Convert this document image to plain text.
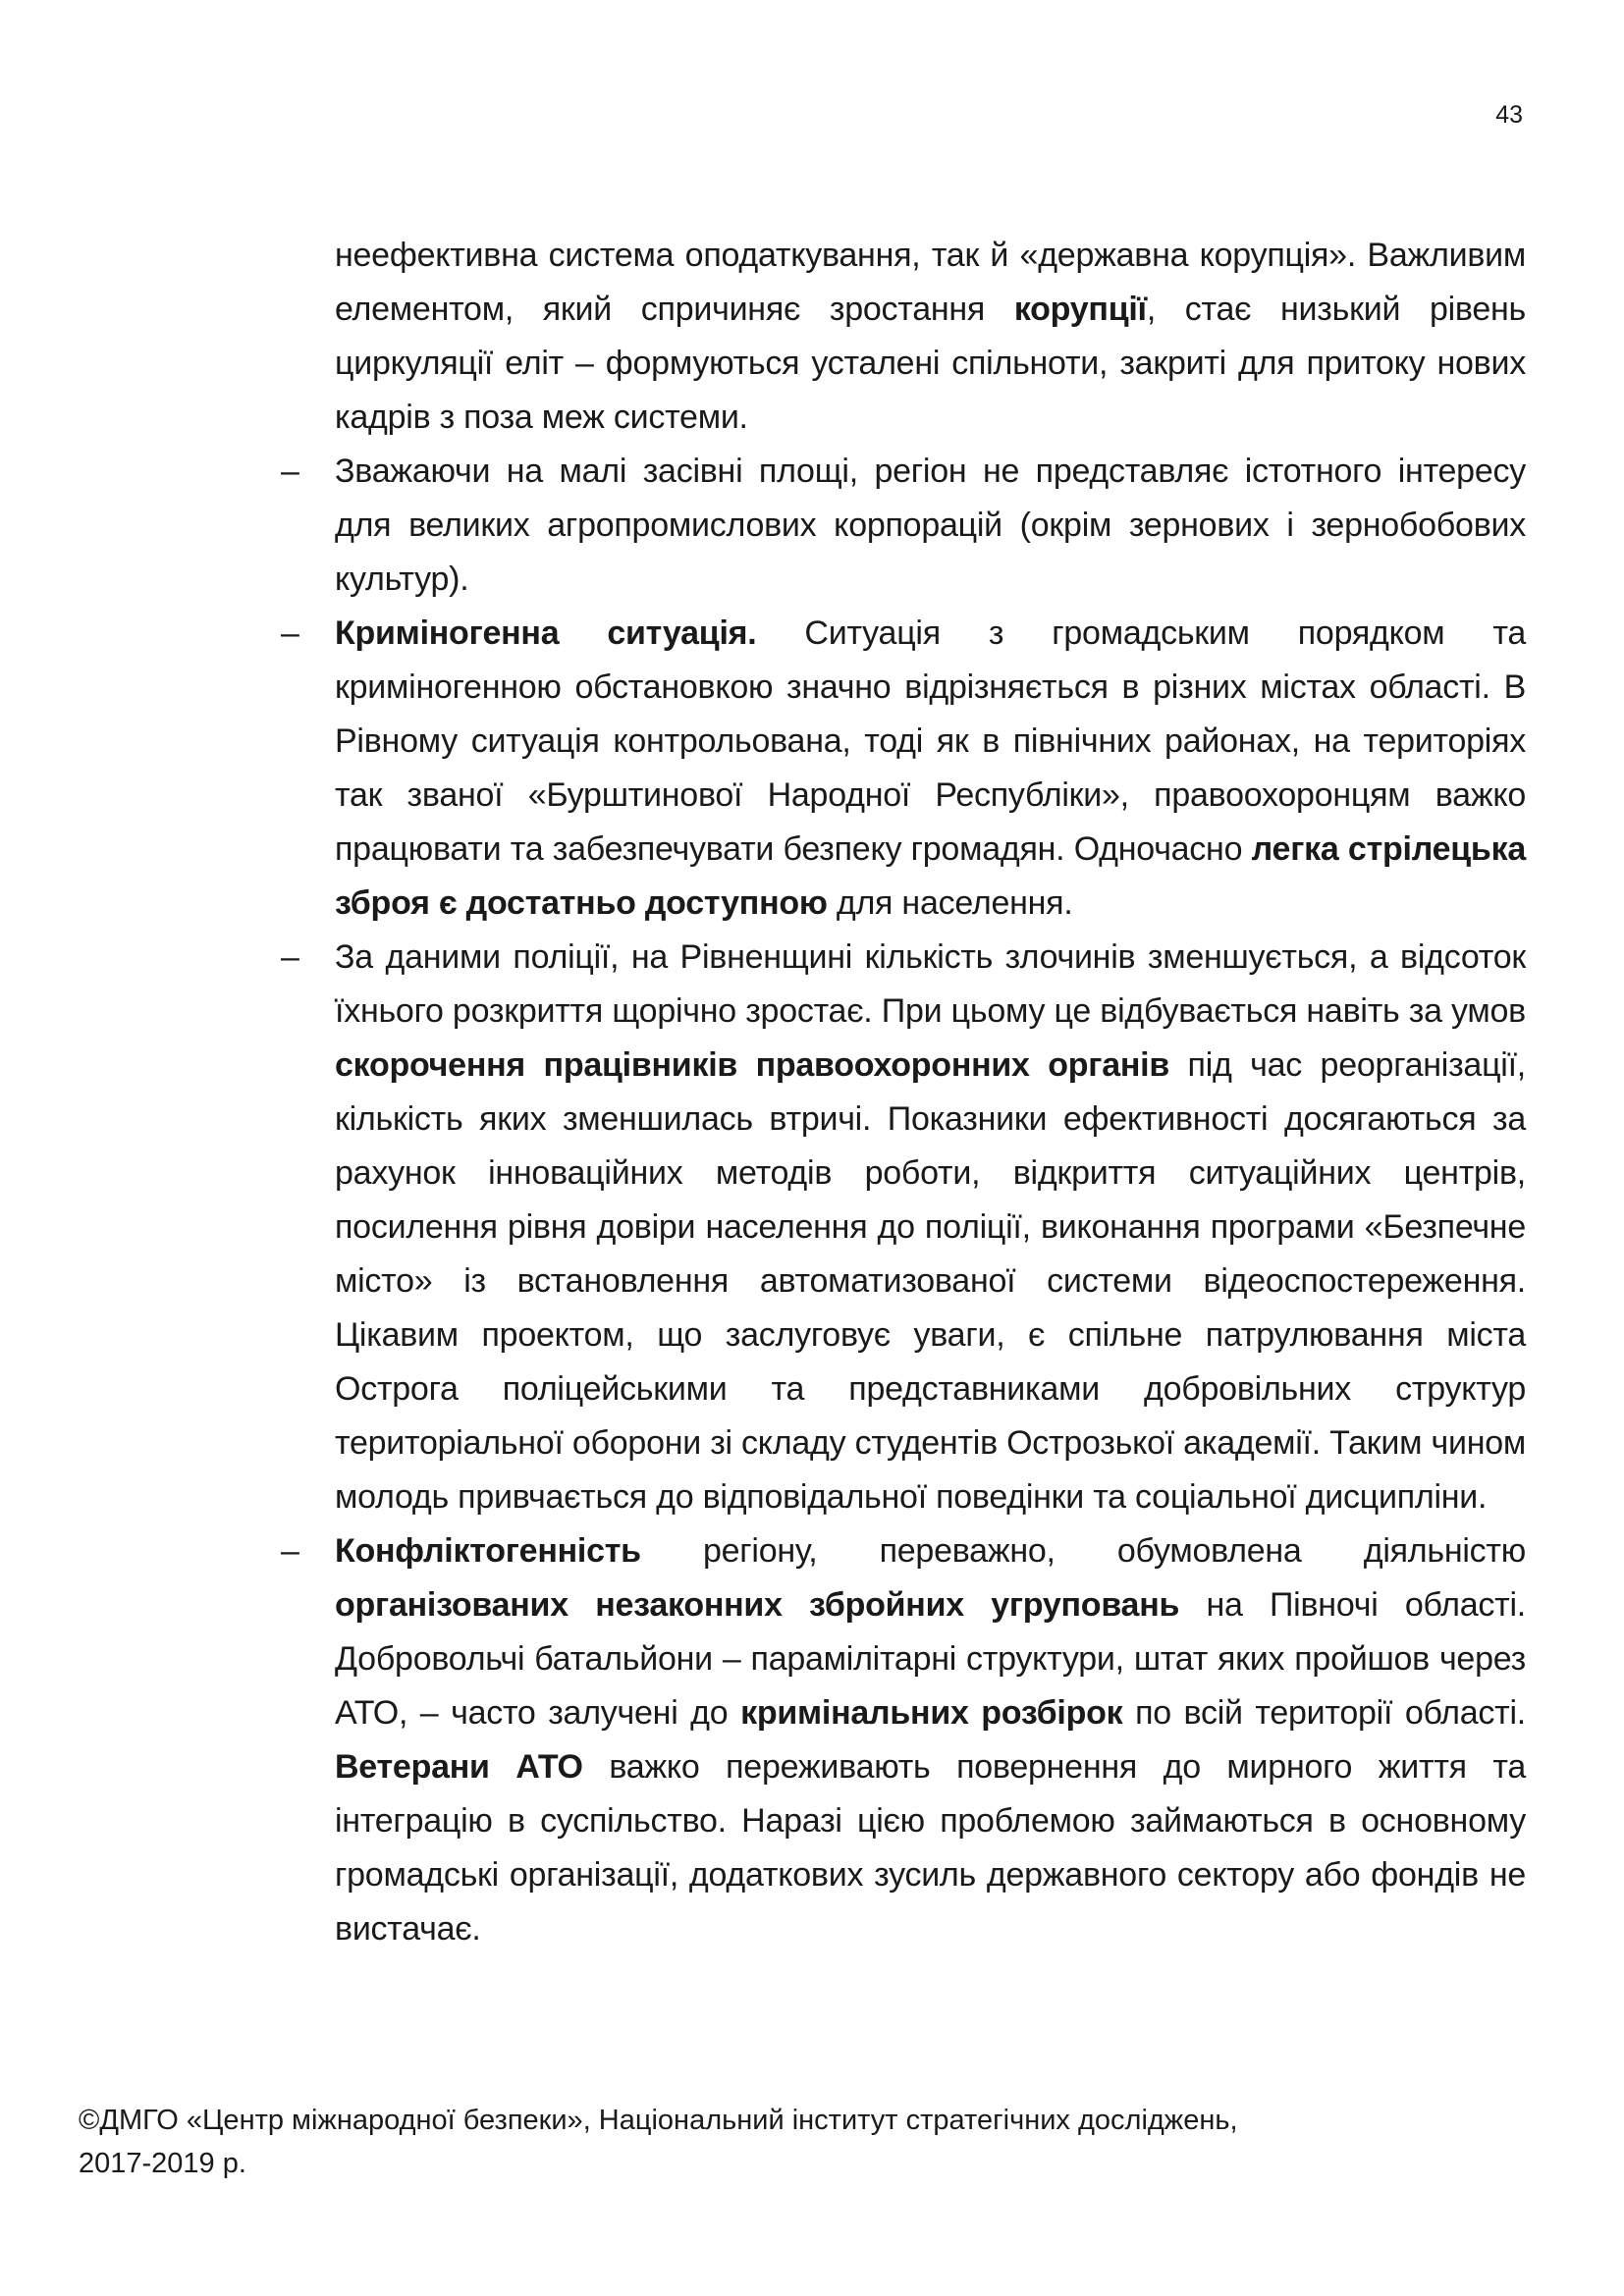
43

неефективна система оподаткування, так й «державна корупція». Важливим елементом, який спричиняє зростання корупції, стає низький рівень циркуляції еліт – формуються усталені спільноти, закриті для притоку нових кадрів з поза меж системи.

– Зважаючи на малі засівні площі, регіон не представляє істотного інтересу для великих агропромислових корпорацій (окрім зернових і зернобобових культур).
– Криміногенна ситуація. Ситуація з громадським порядком та криміногенною обстановкою значно відрізняється в різних містах області. В Рівному ситуація контрольована, тоді як в північних районах, на територіях так званої «Бурштинової Народної Республіки», правоохоронцям важко працювати та забезпечувати безпеку громадян. Одночасно легка стрілецька зброя є достатньо доступною для населення.
– За даними поліції, на Рівненщині кількість злочинів зменшується, а відсоток їхнього розкриття щорічно зростає. При цьому це відбувається навіть за умов скорочення працівників правоохоронних органів під час реорганізації, кількість яких зменшилась втричі. Показники ефективності досягаються за рахунок інноваційних методів роботи, відкриття ситуаційних центрів, посилення рівня довіри населення до поліції, виконання програми «Безпечне місто» із встановлення автоматизованої системи відеоспостереження. Цікавим проектом, що заслуговує уваги, є спільне патрулювання міста Острога поліцейськими та представниками добровільних структур територіальної оборони зі складу студентів Острозької академії. Таким чином молодь привчається до відповідальної поведінки та соціальної дисципліни.
– Конфліктогенність регіону, переважно, обумовлена діяльністю організованих незаконних збройних угруповань на Півночі області. Добровольчі батальйони – парамілітарні структури, штат яких пройшов через АТО, – часто залучені до кримінальних розбірок по всій території області. Ветерани АТО важко переживають повернення до мирного життя та інтеграцію в суспільство. Наразі цією проблемою займаються в основному громадські організації, додаткових зусиль державного сектору або фондів не вистачає.
©ДМГО «Центр міжнародної безпеки», Національний інститут стратегічних досліджень,
2017-2019 р.
